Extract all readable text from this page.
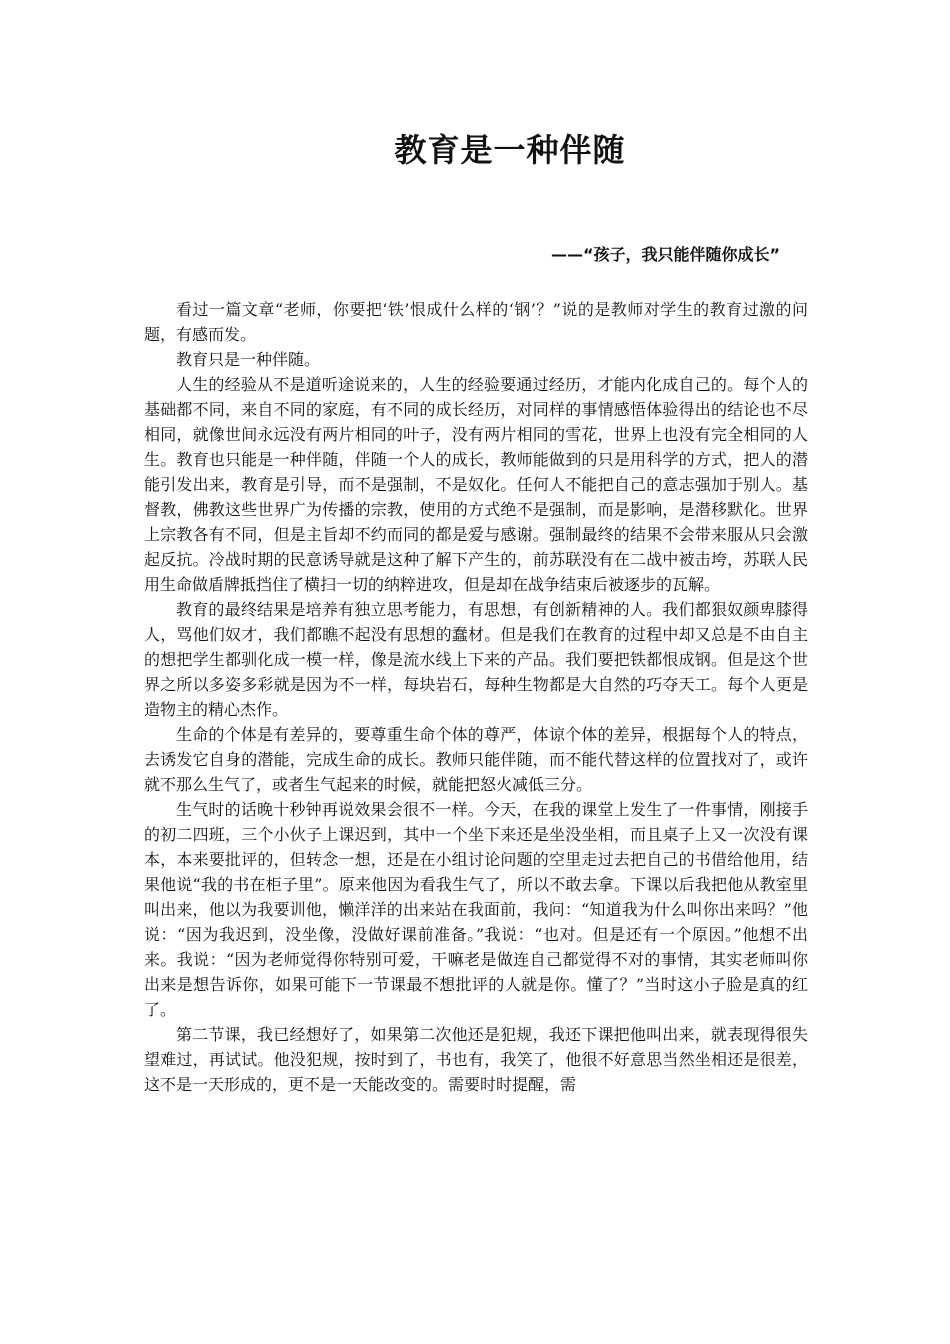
教育是一种伴随
——“孩子，我只能伴随你成长”

看过一篇文章“老师，你要把‘铁’恨成什么样的‘钢’？”说的是教师对学生的教育过激的问题，有感而发。

教育只是一种伴随。

人生的经验从不是道听途说来的，人生的经验要通过经历，才能内化成自己的。每个人的基础都不同，来自不同的家庭，有不同的成长经历，对同样的事情感悟体验得出的结论也不尽相同，就像世间永远没有两片相同的叶子，没有两片相同的雪花，世界上也没有完全相同的人生。教育也只能是一种伴随，伴随一个人的成长，教师能做到的只是用科学的方式，把人的潜能引发出来，教育是引导，而不是强制，不是奴化。任何人不能把自己的意志强加于别人。基督教，佛教这些世界广为传播的宗教，使用的方式绝不是强制，而是影响，是潜移默化。世界上宗教各有不同，但是主旨却不约而同的都是爱与感谢。强制最终的结果不会带来服从只会激起反抗。冷战时期的民意诱导就是这种了解下产生的，前苏联没有在二战中被击垮，苏联人民用生命做盾牌抵挡住了横扫一切的纳粹进攻，但是却在战争结束后被逐步的瓦解。

教育的最终结果是培养有独立思考能力，有思想，有创新精神的人。我们都狠奴颜卑膝得人，骂他们奴才，我们都瞧不起没有思想的蠢材。但是我们在教育的过程中却又总是不由自主的想把学生都驯化成一模一样，像是流水线上下来的产品。我们要把铁都恨成钢。但是这个世界之所以多姿多彩就是因为不一样，每块岩石，每种生物都是大自然的巧夺天工。每个人更是造物主的精心杰作。

生命的个体是有差异的，要尊重生命个体的尊严，体谅个体的差异，根据每个人的特点，去诱发它自身的潜能，完成生命的成长。教师只能伴随，而不能代替这样的位置找对了，或许就不那么生气了，或者生气起来的时候，就能把怒火减低三分。

生气时的话晚十秒钟再说效果会很不一样。今天，在我的课堂上发生了一件事情，刚接手的初二四班，三个小伙子上课迟到，其中一个坐下来还是坐没坐相，而且桌子上又一次没有课本，本来要批评的，但转念一想，还是在小组讨论问题的空里走过去把自己的书借给他用，结果他说“我的书在柜子里”。原来他因为看我生气了，所以不敢去拿。下课以后我把他从教室里叫出来，他以为我要训他，懒洋洋的出来站在我面前，我问：“知道我为什么叫你出来吗？”他说：“因为我迟到，没坐像，没做好课前准备。”我说：“也对。但是还有一个原因。”他想不出来。我说：“因为老师觉得你特别可爱，干嘛老是做连自己都觉得不对的事情，其实老师叫你出来是想告诉你，如果可能下一节课最不想批评的人就是你。懂了？”当时这小子脸是真的红了。

第二节课，我已经想好了，如果第二次他还是犯规，我还下课把他叫出来，就表现得很失望难过，再试试。他没犯规，按时到了，书也有，我笑了，他很不好意思当然坐相还是很差，这不是一天形成的，更不是一天能改变的。需要时时提醒，需
